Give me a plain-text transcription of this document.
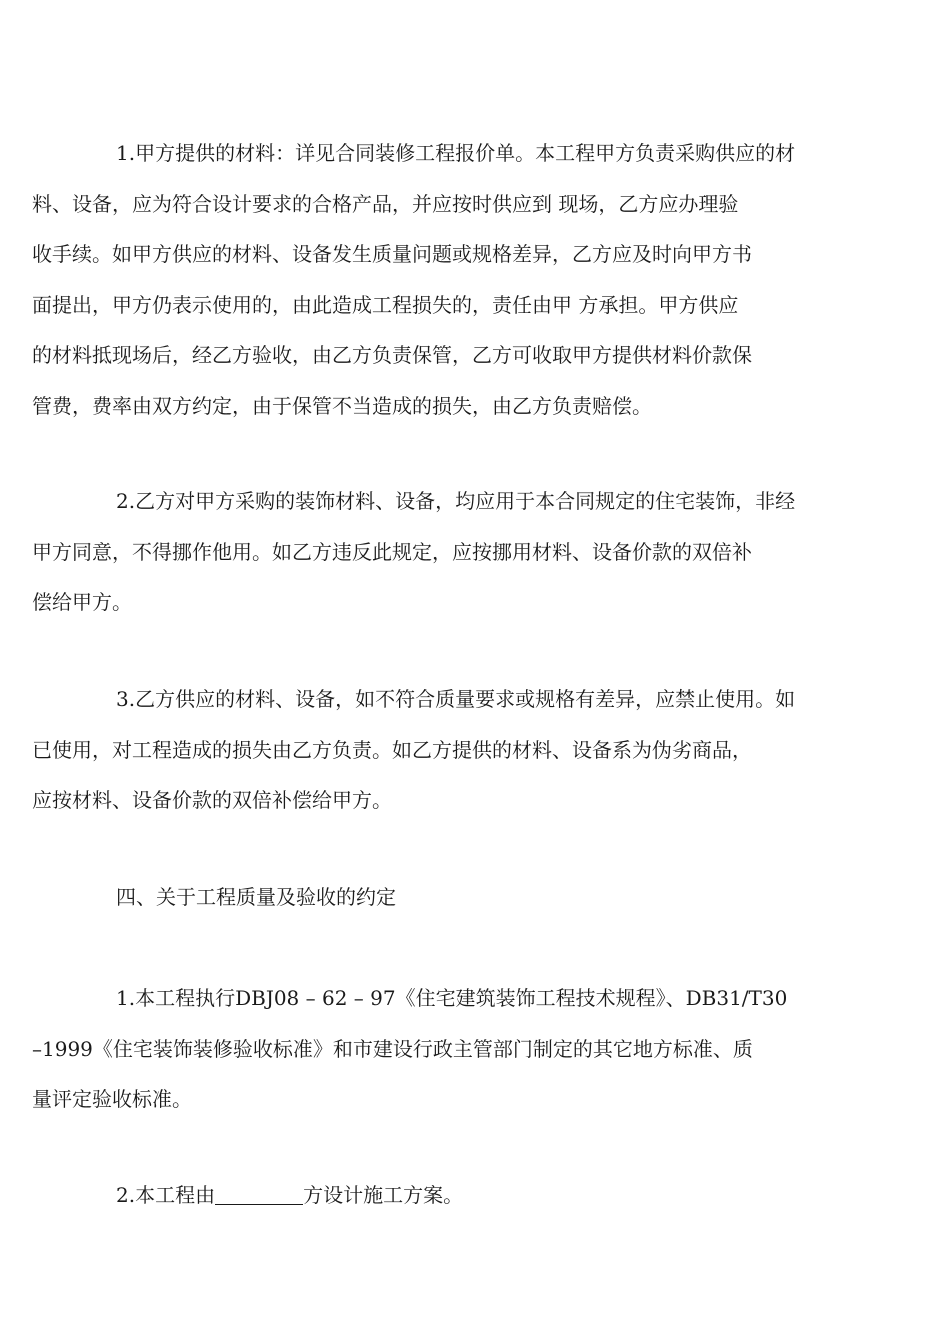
1.甲方提供的材料：详见合同装修工程报价单。本工程甲方负责采购供应的材
料、设备，应为符合设计要求的合格产品，并应按时供应到 现场，乙方应办理验
收手续。如甲方供应的材料、设备发生质量问题或规格差异，乙方应及时向甲方书
面提出，甲方仍表示使用的，由此造成工程损失的，责任由甲 方承担。甲方供应
的材料抵现场后，经乙方验收，由乙方负责保管，乙方可收取甲方提供材料价款保
管费，费率由双方约定，由于保管不当造成的损失，由乙方负责赔偿。

2.乙方对甲方采购的装饰材料、设备，均应用于本合同规定的住宅装饰，非经
甲方同意，不得挪作他用。如乙方违反此规定，应按挪用材料、设备价款的双倍补
偿给甲方。

3.乙方供应的材料、设备，如不符合质量要求或规格有差异，应禁止使用。如
已使用，对工程造成的损失由乙方负责。如乙方提供的材料、设备系为伪劣商品，
应按材料、设备价款的双倍补偿给甲方。

四、关于工程质量及验收的约定

1.本工程执行DBJ08 – 62 – 97《住宅建筑装饰工程技术规程》、DB31/T30
–1999《住宅装饰装修验收标准》和市建设行政主管部门制定的其它地方标准、质
量评定验收标准。

2.本工程由	方设计施工方案。
